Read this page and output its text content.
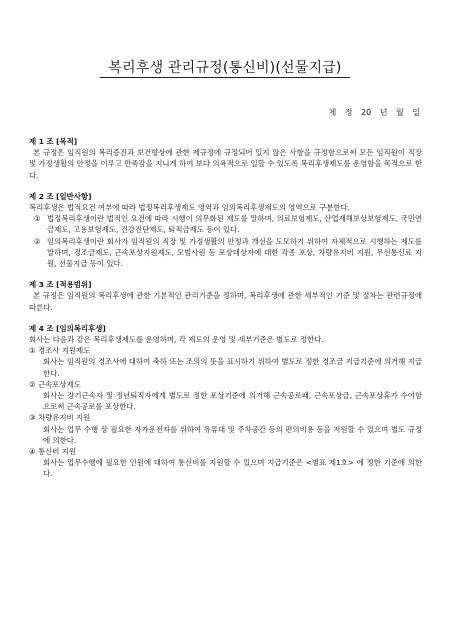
복리후생 관리규정(통신비)(선물지급)
제 정 20 년 월 일
제 1 조 [목적]

본 규정은 임직원의 복리증진과 보건향상에 관한 제규정에 규정되어 있지 않은 사항을 규정함으로써 모든 임직원이 직장 및 가정생활의 안정을 이루고 만족감을 지니게 하여 보다 의욕적으로 일할 수 있도록 복리후생제도를 운영함을 목적으로 한다.

제 2 조 [일반사항]

복리후생은 법적요건 여부에 따라 법정복리후생제도 영역과 임의복리후생제도의 영역으로 구분한다.

① 법정복리후생이란 법적인 요건에 따라 시행이 의무화된 제도를 말하며, 의료보험제도, 산업재해보상보험제도, 국민연금제도, 고용보험제도, 건강진단제도, 퇴직금제도 등이 있다.
② 임의복리후생이란 회사가 임직원의 직장 및 가정생활의 안정과 개선을 도모하기 위하여 자체적으로 시행하는 제도를 말하며, 경조금제도, 근속포상지원제도, 모범사원 등 포상대상자에 대한 각종 포상, 차량유지비 지원, 무선통신료 지원, 선물지급 등이 있다.
제 3 조 [적용범위]

본 규정은 임직원의 복리후생에 관한 기본적인 관리기준을 정하며, 복리후생에 관한 세부적인 기준 및 절차는 관련규정에 따른다.

제 4 조 [임의복리후생]

회사는 다음과 같은 복리후생제도를 운영하며, 각 제도의 운영 및 세부기준은 별도로 정한다.

① 경조사 지원제도

회사는 임직원의 경조사에 대하여 축하 또는 조의의 뜻을 표시하기 위하여 별도로 정한 경조금 지급기준에 의거해 지급한다.

② 근속포상제도

회사는 장기근속자 및 정년퇴직자에게 별도로 정한 포상기준에 의거해 근속공로패, 근속포상금, 근속포상휴가 수여함으로써 근속공로를 포상한다.

③ 차량유지비 지원

회사는 업무 수행 상 필요한 자가운전자를 위하여 유류대 및 주차공간 등의 편의비용 등을 지원할 수 있으며 별도 규정에 의한다.

④ 통신비 지원

회사는 업무수행에 필요한 인원에 대하여 통신비를 지원할 수 있으며 지급기준은 <별표 제1호> 에 정한 기준에 의한다.
